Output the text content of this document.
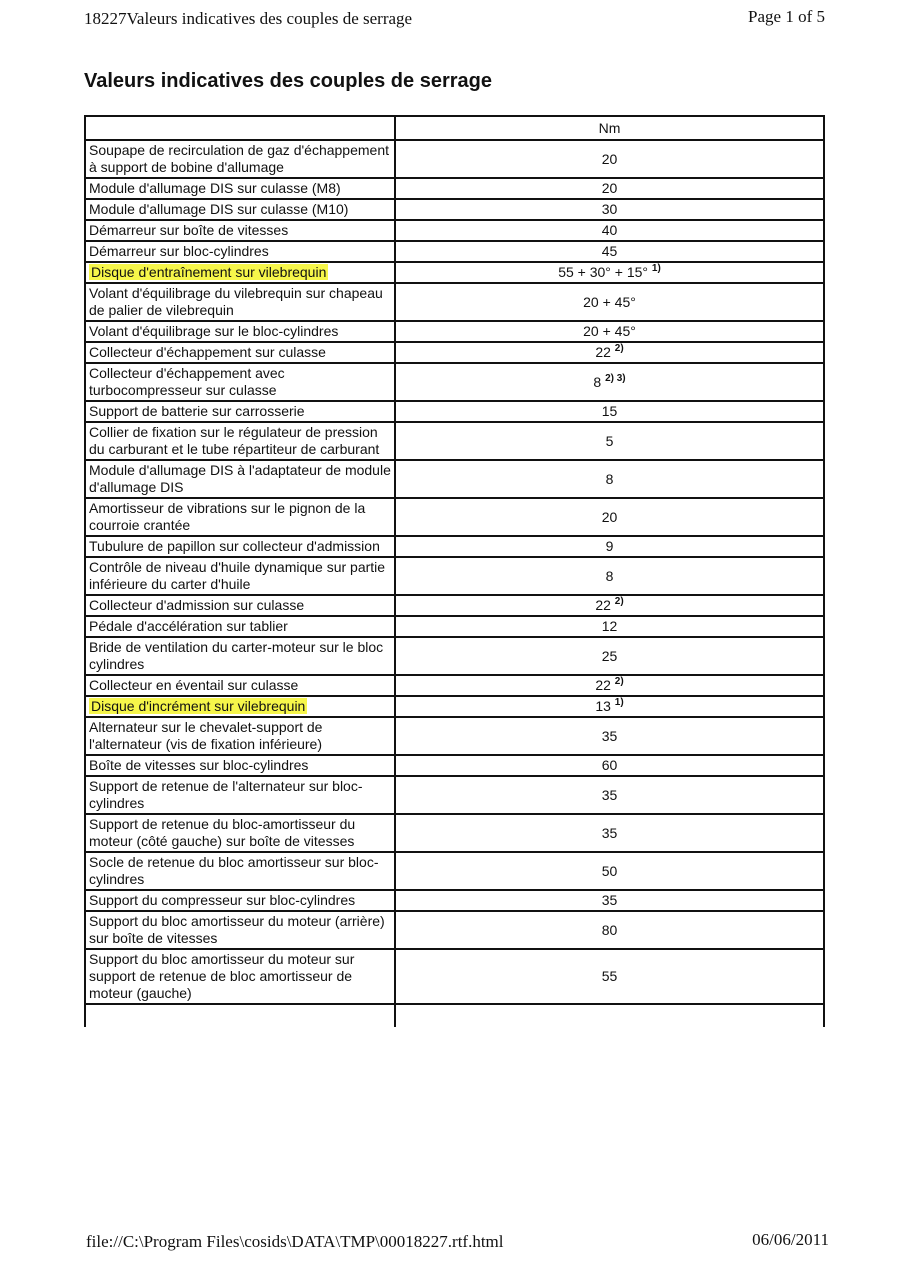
18227Valeurs indicatives des couples de serrage	Page 1 of 5
Valeurs indicatives des couples de serrage
	Nm
Soupape de recirculation de gaz d'échappement à support de bobine d'allumage	20
Module d'allumage DIS sur culasse (M8)	20
Module d'allumage DIS sur culasse (M10)	30
Démarreur sur boîte de vitesses	40
Démarreur sur bloc-cylindres	45
Disque d'entraînement sur vilebrequin	55 + 30° + 15° $^{1)}$
Volant d'équilibrage du vilebrequin sur chapeau de palier de vilebrequin	20 + 45°
Volant d'équilibrage sur le bloc-cylindres	20 + 45°
Collecteur d'échappement sur culasse	22 $^{2)}$
Collecteur d'échappement avec turbocompresseur sur culasse	8 $^{2) 3)}$
Support de batterie sur carrosserie	15
Collier de fixation sur le régulateur de pression du carburant et le tube répartiteur de carburant	5
Module d'allumage DIS à l'adaptateur de module d'allumage DIS	8
Amortisseur de vibrations sur le pignon de la courroie crantée	20
Tubulure de papillon sur collecteur d'admission	9
Contrôle de niveau d'huile dynamique sur partie inférieure du carter d'huile	8
Collecteur d'admission sur culasse	22 $^{2)}$
Pédale d'accélération sur tablier	12
Bride de ventilation du carter-moteur sur le bloc cylindres	25
Collecteur en éventail sur culasse	22 $^{2)}$
Disque d'incrément sur vilebrequin	13 $^{1)}$
Alternateur sur le chevalet-support de l'alternateur (vis de fixation inférieure)	35
Boîte de vitesses sur bloc-cylindres	60
Support de retenue de l'alternateur sur bloc-cylindres	35
Support de retenue du bloc-amortisseur du moteur (côté gauche) sur boîte de vitesses	35
Socle de retenue du bloc amortisseur sur bloc-cylindres	50
Support du compresseur sur bloc-cylindres	35
Support du bloc amortisseur du moteur (arrière) sur boîte de vitesses	80
Support du bloc amortisseur du moteur sur support de retenue de bloc amortisseur de moteur (gauche)	55

file://C:\Program Files\cosids\DATA\TMP\00018227.rtf.html	06/06/2011
